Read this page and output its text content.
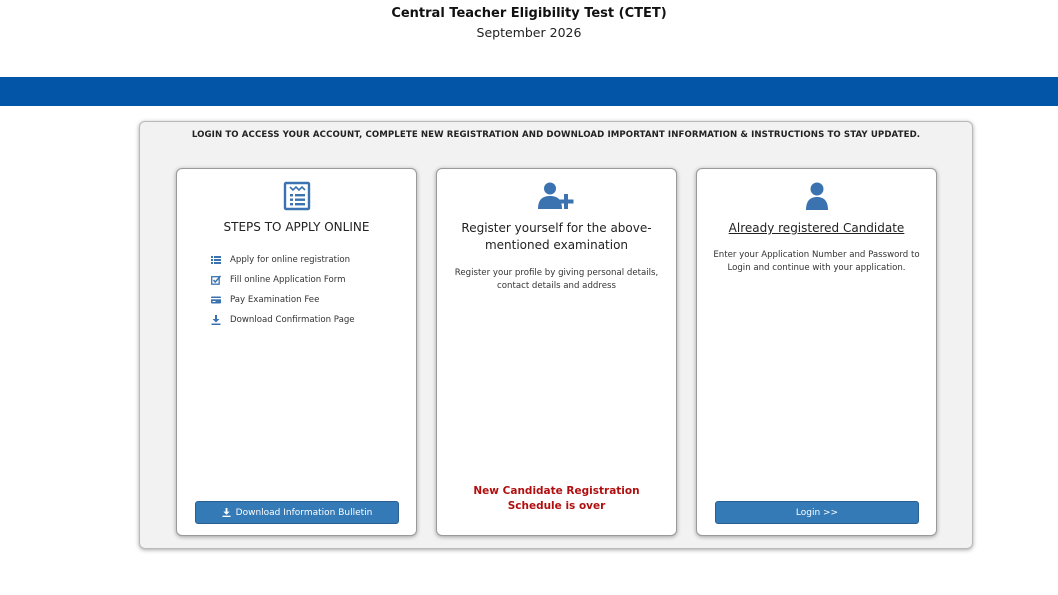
Central Teacher Eligibility Test (CTET)
September 2026
LOGIN TO ACCESS YOUR ACCOUNT, COMPLETE NEW REGISTRATION AND DOWNLOAD IMPORTANT INFORMATION & INSTRUCTIONS TO STAY UPDATED.
STEPS TO APPLY ONLINE
Apply for online registration
Fill online Application Form
Pay Examination Fee
Download Confirmation Page
Download Information Bulletin
Register yourself for the above-mentioned examination
Register your profile by giving personal details, contact details and address
New Candidate Registration Schedule is over
Already registered Candidate
Enter your Application Number and Password to Login and continue with your application.
Login >>
